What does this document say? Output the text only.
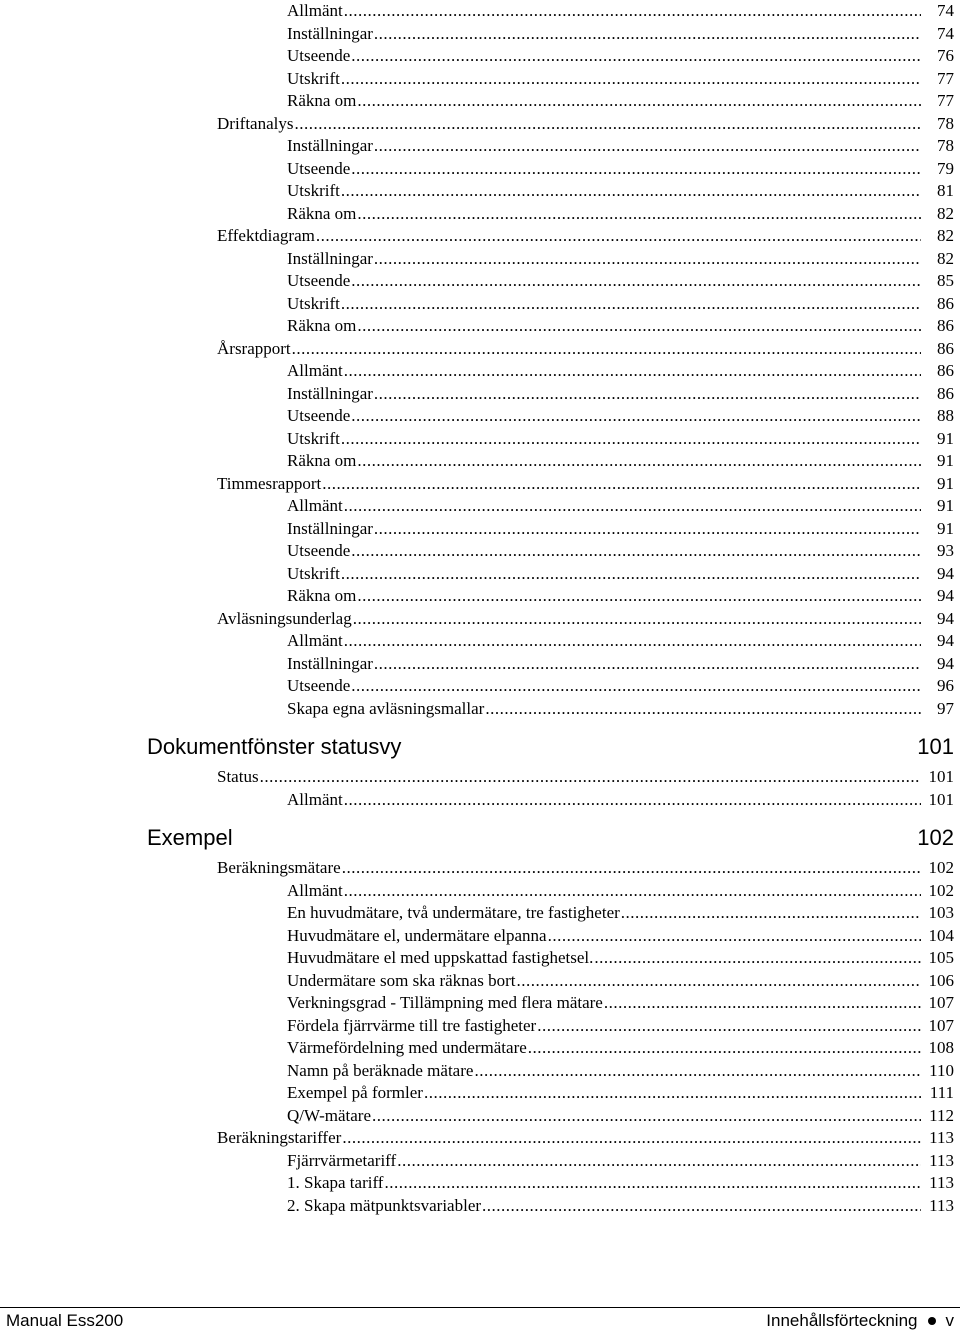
Allmänt .....	74
Inställningar .....	74
Utseende .....	76
Utskrift .....	77
Räkna om .....	77
Driftanalys .....	78
Inställningar .....	78
Utseende .....	79
Utskrift .....	81
Räkna om .....	82
Effektdiagram .....	82
Inställningar .....	82
Utseende .....	85
Utskrift .....	86
Räkna om .....	86
Årsrapport .....	86
Allmänt .....	86
Inställningar .....	86
Utseende .....	88
Utskrift .....	91
Räkna om .....	91
Timmesrapport .....	91
Allmänt .....	91
Inställningar .....	91
Utseende .....	93
Utskrift .....	94
Räkna om .....	94
Avläsningsunderlag .....	94
Allmänt .....	94
Inställningar .....	94
Utseende .....	96
Skapa egna avläsningsmallar .....	97
Dokumentfönster statusvy	101
Status .....	101
Allmänt .....	101
Exempel	102
Beräkningsmätare .....	102
Allmänt .....	102
En huvudmätare, två undermätare, tre fastigheter .....	103
Huvudmätare el, undermätare elpanna .....	104
Huvudmätare el med uppskattad fastighetsel. .....	105
Undermätare som ska räknas bort .....	106
Verkningsgrad - Tillämpning med flera mätare .....	107
Fördela fjärrvärme till tre fastigheter .....	107
Värmefördelning med undermätare .....	108
Namn på beräknade mätare .....	110
Exempel på formler .....	111
Q/W-mätare .....	112
Beräkningstariffer .....	113
Fjärrvärmetariff .....	113
1. Skapa tariff .....	113
2. Skapa mätpunktsvariabler .....	113
Manual Ess200	Innehållsförteckning v
